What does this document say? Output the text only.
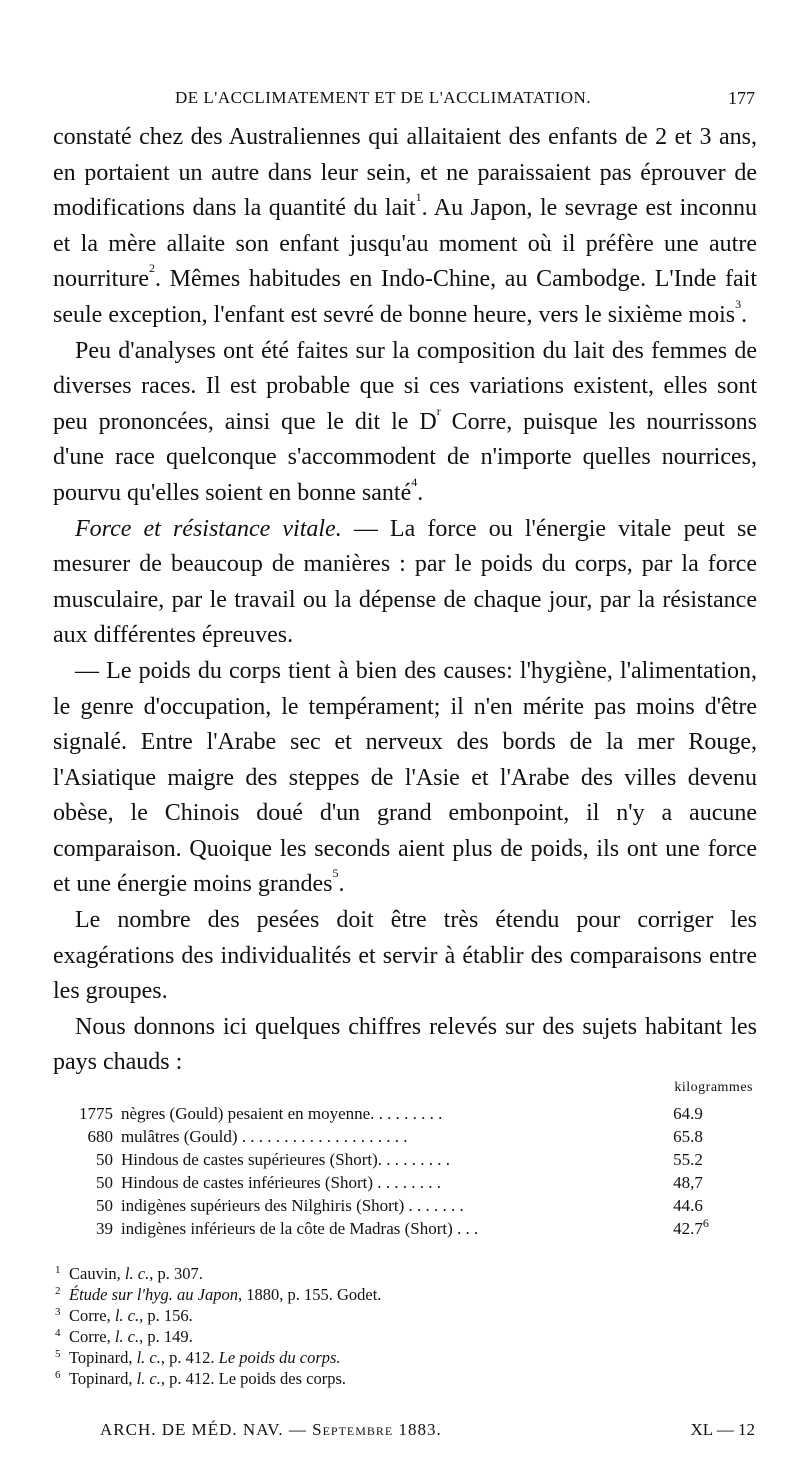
DE L'ACCLIMATEMENT ET DE L'ACCLIMATATION.	177

constaté chez des Australiennes qui allaitaient des enfants de 2 et 3 ans, en portaient un autre dans leur sein, et ne paraissaient pas éprouver de modifications dans la quantité du lait$^1$. Au Japon, le sevrage est inconnu et la mère allaite son enfant jusqu'au moment où il préfère une autre nourriture$^2$. Mêmes habitudes en Indo-Chine, au Cambodge. L'Inde fait seule exception, l'enfant est sevré de bonne heure, vers le sixième mois$^3$.

Peu d'analyses ont été faites sur la composition du lait des femmes de diverses races. Il est probable que si ces variations existent, elles sont peu prononcées, ainsi que le dit le $D^r$ Corre, puisque les nourrissons d'une race quelconque s'accommodent de n'importe quelles nourrices, pourvu qu'elles soient en bonne santé$^4$.

Force et résistance vitale. — La force ou l'énergie vitale peut se mesurer de beaucoup de manières : par le poids du corps, par la force musculaire, par le travail ou la dépense de chaque jour, par la résistance aux différentes épreuves.

— Le poids du corps tient à bien des causes: l'hygiène, l'alimentation, le genre d'occupation, le tempérament; il n'en mérite pas moins d'être signalé. Entre l'Arabe sec et nerveux des bords de la mer Rouge, l'Asiatique maigre des steppes de l'Asie et l'Arabe des villes devenu obèse, le Chinois doué d'un grand embonpoint, il n'y a aucune comparaison. Quoique les seconds aient plus de poids, ils ont une force et une énergie moins grandes$^5$.

Le nombre des pesées doit être très étendu pour corriger les exagérations des individualités et servir à établir des comparaisons entre les groupes.

Nous donnons ici quelques chiffres relevés sur des sujets habitant les pays chauds :

kilogrammes
1775 nègres (Gould) pesaient en moyenne. . . . . . . . .	64.9
680 mulâtres (Gould) . . . . . . . . . . . . . . . . . . . .	65.8
50 Hindous de castes supérieures (Short). . . . . . . . .	55.2
50 Hindous de castes inférieures (Short) . . . . . . . .	48,7
50 indigènes supérieurs des Nilghiris (Short) . . . . . . .	44.6
39 indigènes inférieurs de la côte de Madras (Short) . . .	42.7$^6$
1 Cauvin, l. c., p. 307.
2 Étude sur l'hyg. au Japon, 1880, p. 155. Godet.
3 Corre, l. c., p. 156.
4 Corre, l. c., p. 149.
5 Topinard, l. c., p. 412. Le poids du corps.
6 Topinard, l. c., p. 412. Le poids des corps.
ARCH. DE MÉD. NAV. — Septembre 1883.	XL — 12
